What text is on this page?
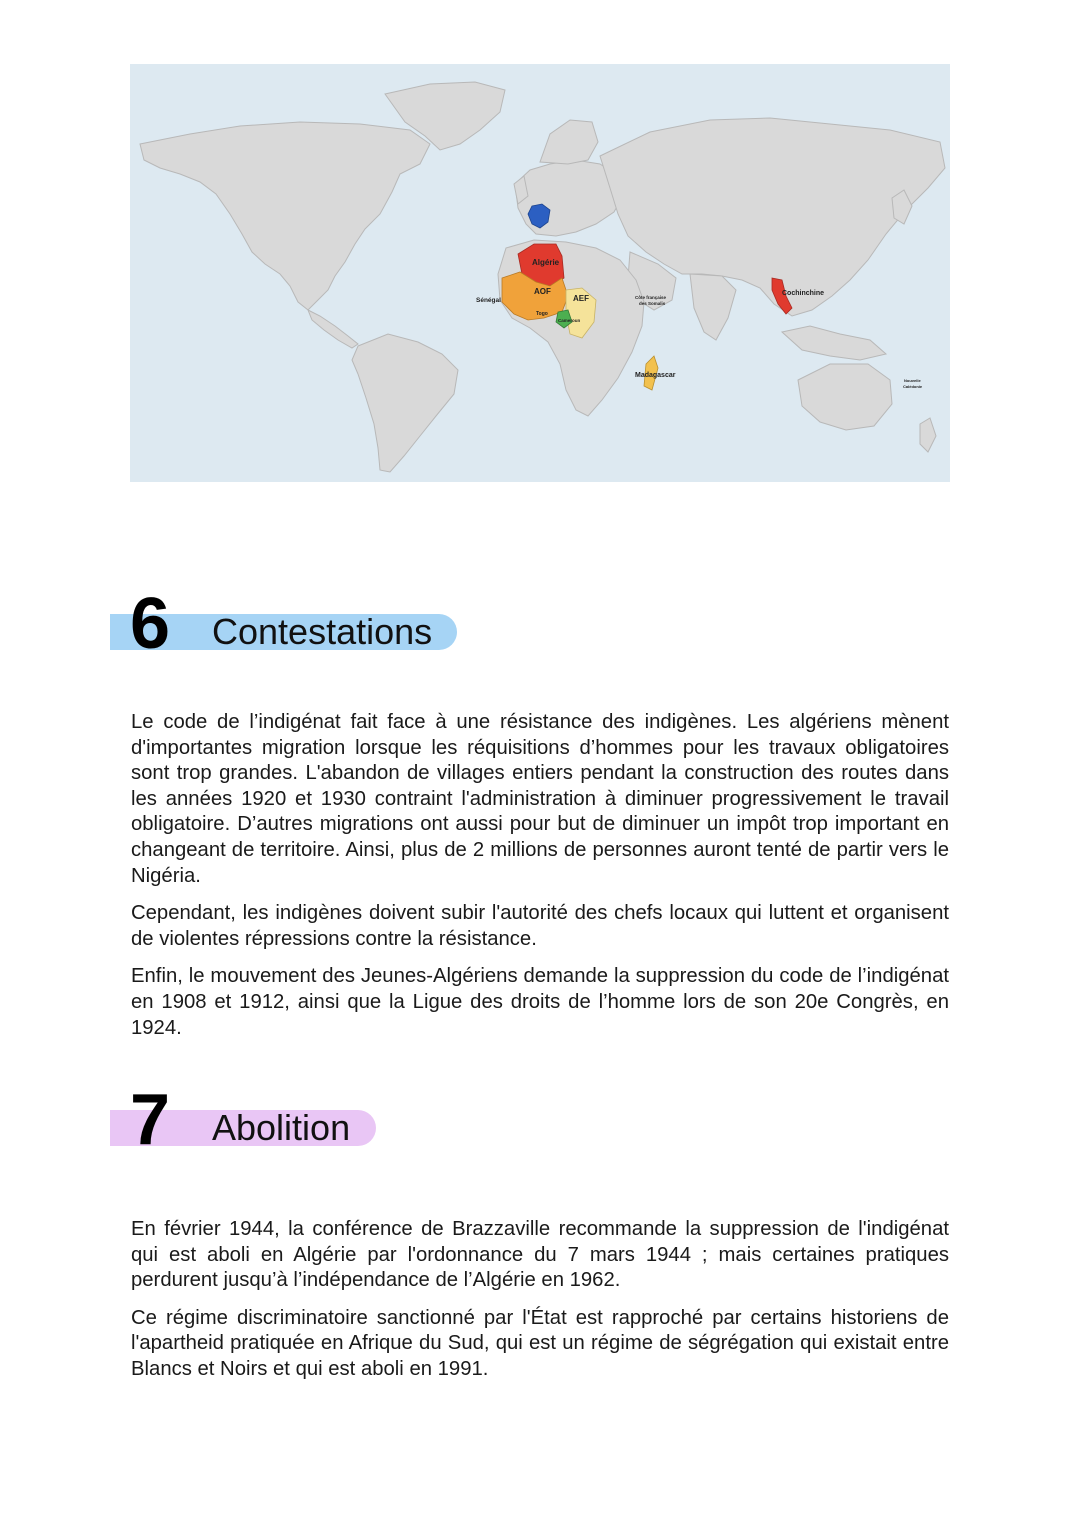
Algérie
AOF
AEF
Sénégal
Togo
Cameroun
Côte française
des Somalis
Madagascar
Cochinchine
Nouvelle
Calédonie
6 Contestations

Le code de l’indigénat fait face à une résistance des indigènes. Les algériens mènent d'importantes migration lorsque les réquisitions d’hommes pour les travaux obligatoires sont trop grandes. L'abandon de villages entiers pendant la construction des routes dans les années 1920 et 1930 contraint l'administration à diminuer progressivement le travail obligatoire. D’autres migrations ont aussi pour but de diminuer un impôt trop important en changeant de territoire. Ainsi, plus de 2 millions de personnes auront tenté de partir vers le Nigéria.

Cependant, les indigènes doivent subir l'autorité des chefs locaux qui luttent et organisent de violentes répressions contre la résistance.

Enfin, le mouvement des Jeunes-Algériens demande la suppression du code de l’indigénat en 1908 et 1912, ainsi que la Ligue des droits de l’homme lors de son 20e Congrès, en 1924.

7 Abolition

En février 1944, la conférence de Brazzaville recommande la suppression de l'indigénat qui est aboli en Algérie par l'ordonnance du 7 mars 1944 ; mais certaines pratiques perdurent jusqu’à l’indépendance de l’Algérie en 1962.

Ce régime discriminatoire sanctionné par l'État est rapproché par certains historiens de l'apartheid pratiquée en Afrique du Sud, qui est un régime de ségrégation qui existait entre Blancs et Noirs et qui est aboli en 1991.
